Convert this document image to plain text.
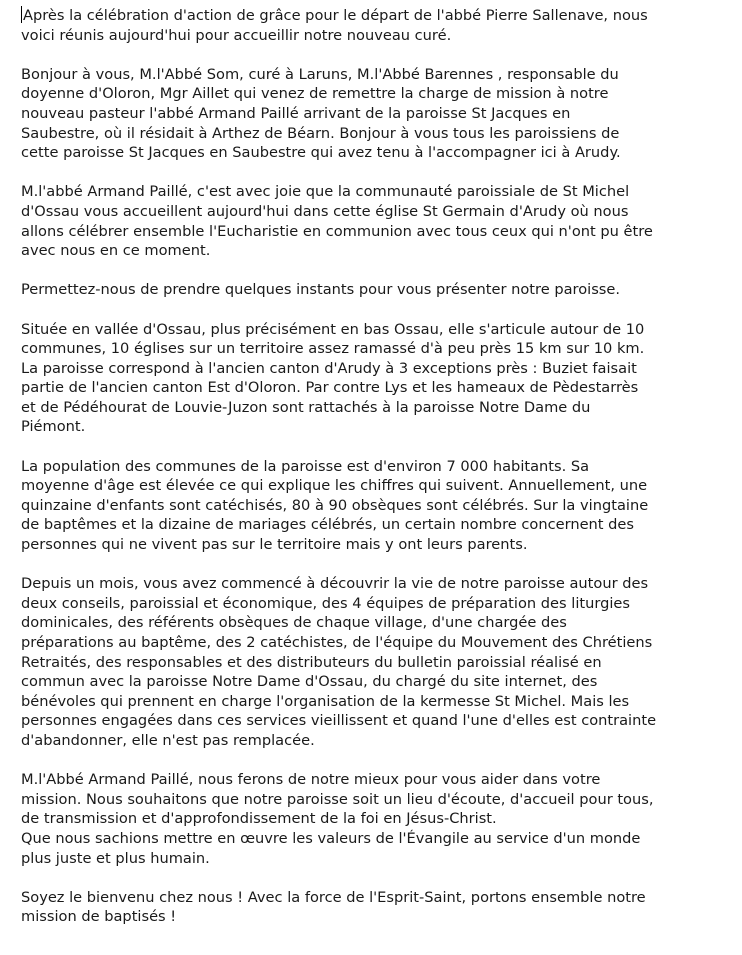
Après la célébration d'action de grâce pour le départ de l'abbé Pierre Sallenave, nous
voici réunis aujourd'hui pour accueillir notre nouveau curé.

Bonjour à vous, M.l'Abbé Som, curé à Laruns, M.l'Abbé Barennes , responsable du
doyenne d'Oloron, Mgr Aillet qui venez de remettre la charge de mission à notre
nouveau pasteur l'abbé Armand Paillé arrivant de la paroisse St Jacques en
Saubestre, où il résidait à Arthez de Béarn. Bonjour à vous tous les paroissiens de
cette paroisse St Jacques en Saubestre qui avez tenu à l'accompagner ici à Arudy.

M.l'abbé Armand Paillé, c'est avec joie que la communauté paroissiale de St Michel
d'Ossau vous accueillent aujourd'hui dans cette église St Germain d'Arudy où nous
allons célébrer ensemble l'Eucharistie en communion avec tous ceux qui n'ont pu être
avec nous en ce moment.

Permettez-nous de prendre quelques instants pour vous présenter notre paroisse.

Située en vallée d'Ossau, plus précisément en bas Ossau, elle s'articule autour de 10
communes, 10 églises sur un territoire assez ramassé d'à peu près 15 km sur 10 km.
La paroisse correspond à l'ancien canton d'Arudy à 3 exceptions près : Buziet faisait
partie de l'ancien canton Est d'Oloron. Par contre Lys et les hameaux de Pèdestarrès
et de Pédéhourat de Louvie-Juzon sont rattachés à la paroisse Notre Dame du
Piémont.

La population des communes de la paroisse est d'environ 7 000 habitants. Sa
moyenne d'âge est élevée ce qui explique les chiffres qui suivent. Annuellement, une
quinzaine d'enfants sont catéchisés, 80 à 90 obsèques sont célébrés. Sur la vingtaine
de baptêmes et la dizaine de mariages célébrés, un certain nombre concernent des
personnes qui ne vivent pas sur le territoire mais y ont leurs parents.

Depuis un mois, vous avez commencé à découvrir la vie de notre paroisse autour des
deux conseils, paroissial et économique, des 4 équipes de préparation des liturgies
dominicales, des référents obsèques de chaque village, d'une chargée des
préparations au baptême, des 2 catéchistes, de l'équipe du Mouvement des Chrétiens
Retraités, des responsables et des distributeurs du bulletin paroissial réalisé en
commun avec la paroisse Notre Dame d'Ossau, du chargé du site internet, des
bénévoles qui prennent en charge l'organisation de la kermesse St Michel. Mais les
personnes engagées dans ces services vieillissent et quand l'une d'elles est contrainte
d'abandonner, elle n'est pas remplacée.

M.l'Abbé Armand Paillé, nous ferons de notre mieux pour vous aider dans votre
mission. Nous souhaitons que notre paroisse soit un lieu d'écoute, d'accueil pour tous,
de transmission et d'approfondissement de la foi en Jésus-Christ.
Que nous sachions mettre en œuvre les valeurs de l'Évangile au service d'un monde
plus juste et plus humain.

Soyez le bienvenu chez nous ! Avec la force de l'Esprit-Saint, portons ensemble notre
mission de baptisés !
